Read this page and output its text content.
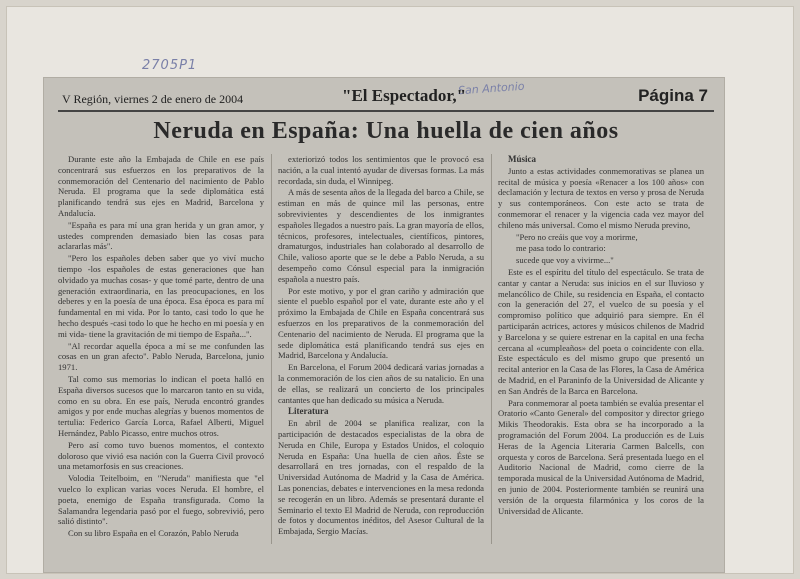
2705P1
San Antonio
V Región, viernes 2 de enero de 2004	"El Espectador,"	Página 7
Neruda en España: Una huella de cien años

Durante este año la Embajada de Chile en ese país concentrará sus esfuerzos en los preparativos de la conmemoración del Centenario del nacimiento de Pablo Neruda. El programa que la sede diplomática está planificando tendrá sus ejes en Madrid, Barcelona y Andalucía.

"España es para mí una gran herida y un gran amor, y ustedes comprenden demasiado bien las cosas para aclararlas más".

"Pero los españoles deben saber que yo viví mucho tiempo -los españoles de estas generaciones que han olvidado ya muchas cosas- y que tomé parte, dentro de una generación extraordinaria, en las preocupaciones, en los deberes y en la poesía de una época. Esa época es para mí fundamental en mi vida. Por lo tanto, casi todo lo que he hecho después -casi todo lo que he hecho en mi poesía y en mi vida- tiene la gravitación de mi tiempo de España...".

"Al recordar aquella época a mí se me confunden las cosas en un gran afecto". Pablo Neruda, Barcelona, junio 1971.

Tal como sus memorias lo indican el poeta halló en España diversos sucesos que lo marcaron tanto en su vida, como en su obra. En ese país, Neruda encontró grandes amigos y por ende muchas alegrías y buenos momentos de tertulia: Federico García Lorca, Rafael Alberti, Miguel Hernández, Pablo Picasso, entre muchos otros.

Pero así como tuvo buenos momentos, el contexto doloroso que vivió esa nación con la Guerra Civil provocó una metamorfosis en sus creaciones.

Volodia Teitelboim, en "Neruda" manifiesta que "el vuelco lo explican varias voces Neruda. El hombre, el poeta, enemigo de España transfigurada. Como la Salamandra legendaria pasó por el fuego, sobrevivió, pero salió distinto".

Con su libro España en el Corazón, Pablo Neruda

exteriorizó todos los sentimientos que le provocó esa nación, a la cual intentó ayudar de diversas formas. La más recordada, sin duda, el Winnipeg.

A más de sesenta años de la llegada del barco a Chile, se estiman en más de quince mil las personas, entre sobrevivientes y descendientes de los inmigrantes españoles llegados a nuestro país. La gran mayoría de ellos, técnicos, profesores, intelectuales, científicos, pintores, dramaturgos, industriales han colaborado al desarrollo de Chile, valioso aporte que se le debe a Pablo Neruda, a su desempeño como Cónsul especial para la inmigración española a nuestro país.

Por este motivo, y por el gran cariño y admiración que siente el pueblo español por el vate, durante este año y el próximo la Embajada de Chile en España concentrará sus esfuerzos en los preparativos de la conmemoración del Centenario del nacimiento de Neruda. El programa que la sede diplomática está planificando tendrá sus ejes en Madrid, Barcelona y Andalucía.

En Barcelona, el Forum 2004 dedicará varias jornadas a la conmemoración de los cien años de su natalicio. En una de ellas, se realizará un concierto de los principales cantantes que han dedicado su música a Neruda.

Literatura

En abril de 2004 se planifica realizar, con la participación de destacados especialistas de la obra de Neruda en Chile, Europa y Estados Unidos, el coloquio Neruda en España: Una huella de cien años. Éste se desarrollará en tres jornadas, con el respaldo de la Universidad Autónoma de Madrid y la Casa de América. Las ponencias, debates e intervenciones en la mesa redonda se recogerán en un libro. Además se presentará durante el Seminario el texto El Madrid de Neruda, con reproducción de fotos y documentos inéditos, del Asesor Cultural de la Embajada, Sergio Macías.

Música

Junto a estas actividades conmemorativas se planea un recital de música y poesía «Renacer a los 100 años» con declamación y lectura de textos en verso y prosa de Neruda y sus contemporáneos. Con este acto se trata de conmemorar el renacer y la vigencia cada vez mayor del chileno más universal. Como el mismo Neruda previno,

"Pero no creáis que voy a morirme,

me pasa todo lo contrario:

sucede que voy a vivirme..."

Este es el espíritu del título del espectáculo. Se trata de cantar y cantar a Neruda: sus inicios en el sur lluvioso y melancólico de Chile, su residencia en España, el contacto con la generación del 27, el vuelco de su poesía y el compromiso político que adquirió para siempre. En él participarán actrices, actores y músicos chilenos de Madrid y Barcelona y se quiere estrenar en la capital en una fecha cercana al «cumpleaños» del poeta o coincidente con ella. Este espectáculo es del mismo grupo que presentó un recital anterior en la Casa de las Flores, la Casa de América de Madrid, en el Paraninfo de la Universidad de Alicante y en San Andrés de la Barca en Barcelona.

Para conmemorar al poeta también se evalúa presentar el Oratorio «Canto General» del compositor y director griego Mikis Theodorakis. Esta obra se ha incorporado a la programación del Forum 2004. La producción es de Luis Heras de la Agencia Literaria Carmen Balcells, con orquesta y coros de Barcelona. Será presentada luego en el Auditorio Nacional de Madrid, como cierre de la temporada musical de la Universidad Autónoma de Madrid, en junio de 2004. Posteriormente también se reunirá una versión de la orquesta filarmónica y los coros de la Universidad de Alicante.
